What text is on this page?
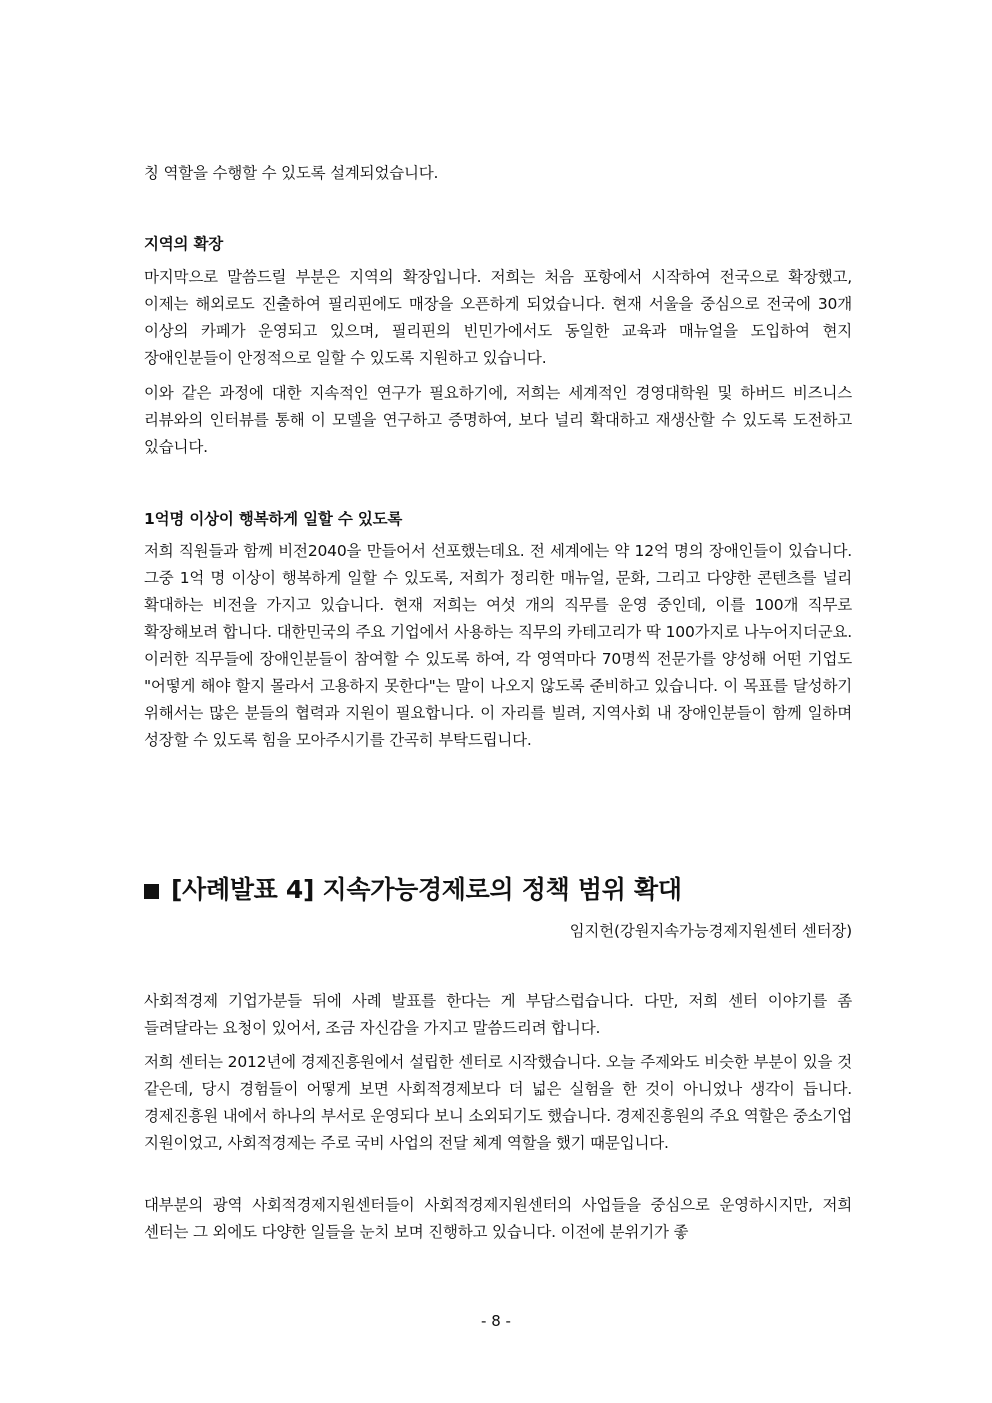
칭 역할을 수행할 수 있도록 설계되었습니다.

지역의 확장

마지막으로 말씀드릴 부분은 지역의 확장입니다. 저희는 처음 포항에서 시작하여 전국으로 확장했고, 이제는 해외로도 진출하여 필리핀에도 매장을 오픈하게 되었습니다. 현재 서울을 중심으로 전국에 30개 이상의 카페가 운영되고 있으며, 필리핀의 빈민가에서도 동일한 교육과 매뉴얼을 도입하여 현지 장애인분들이 안정적으로 일할 수 있도록 지원하고 있습니다.

이와 같은 과정에 대한 지속적인 연구가 필요하기에, 저희는 세계적인 경영대학원 및 하버드 비즈니스 리뷰와의 인터뷰를 통해 이 모델을 연구하고 증명하여, 보다 널리 확대하고 재생산할 수 있도록 도전하고 있습니다.

1억명 이상이 행복하게 일할 수 있도록

저희 직원들과 함께 비전2040을 만들어서 선포했는데요. 전 세계에는 약 12억 명의 장애인들이 있습니다. 그중 1억 명 이상이 행복하게 일할 수 있도록, 저희가 정리한 매뉴얼, 문화, 그리고 다양한 콘텐츠를 널리 확대하는 비전을 가지고 있습니다. 현재 저희는 여섯 개의 직무를 운영 중인데, 이를 100개 직무로 확장해보려 합니다. 대한민국의 주요 기업에서 사용하는 직무의 카테고리가 딱 100가지로 나누어지더군요. 이러한 직무들에 장애인분들이 참여할 수 있도록 하여, 각 영역마다 70명씩 전문가를 양성해 어떤 기업도 "어떻게 해야 할지 몰라서 고용하지 못한다"는 말이 나오지 않도록 준비하고 있습니다. 이 목표를 달성하기 위해서는 많은 분들의 협력과 지원이 필요합니다. 이 자리를 빌려, 지역사회 내 장애인분들이 함께 일하며 성장할 수 있도록 힘을 모아주시기를 간곡히 부탁드립니다.

[사례발표 4] 지속가능경제로의 정책 범위 확대

임지헌(강원지속가능경제지원센터 센터장)

사회적경제 기업가분들 뒤에 사례 발표를 한다는 게 부담스럽습니다. 다만, 저희 센터 이야기를 좀 들려달라는 요청이 있어서, 조금 자신감을 가지고 말씀드리려 합니다.

저희 센터는 2012년에 경제진흥원에서 설립한 센터로 시작했습니다. 오늘 주제와도 비슷한 부분이 있을 것 같은데, 당시 경험들이 어떻게 보면 사회적경제보다 더 넓은 실험을 한 것이 아니었나 생각이 듭니다. 경제진흥원 내에서 하나의 부서로 운영되다 보니 소외되기도 했습니다. 경제진흥원의 주요 역할은 중소기업 지원이었고, 사회적경제는 주로 국비 사업의 전달 체계 역할을 했기 때문입니다.

대부분의 광역 사회적경제지원센터들이 사회적경제지원센터의 사업들을 중심으로 운영하시지만, 저희 센터는 그 외에도 다양한 일들을 눈치 보며 진행하고 있습니다. 이전에 분위기가 좋

- 8 -
